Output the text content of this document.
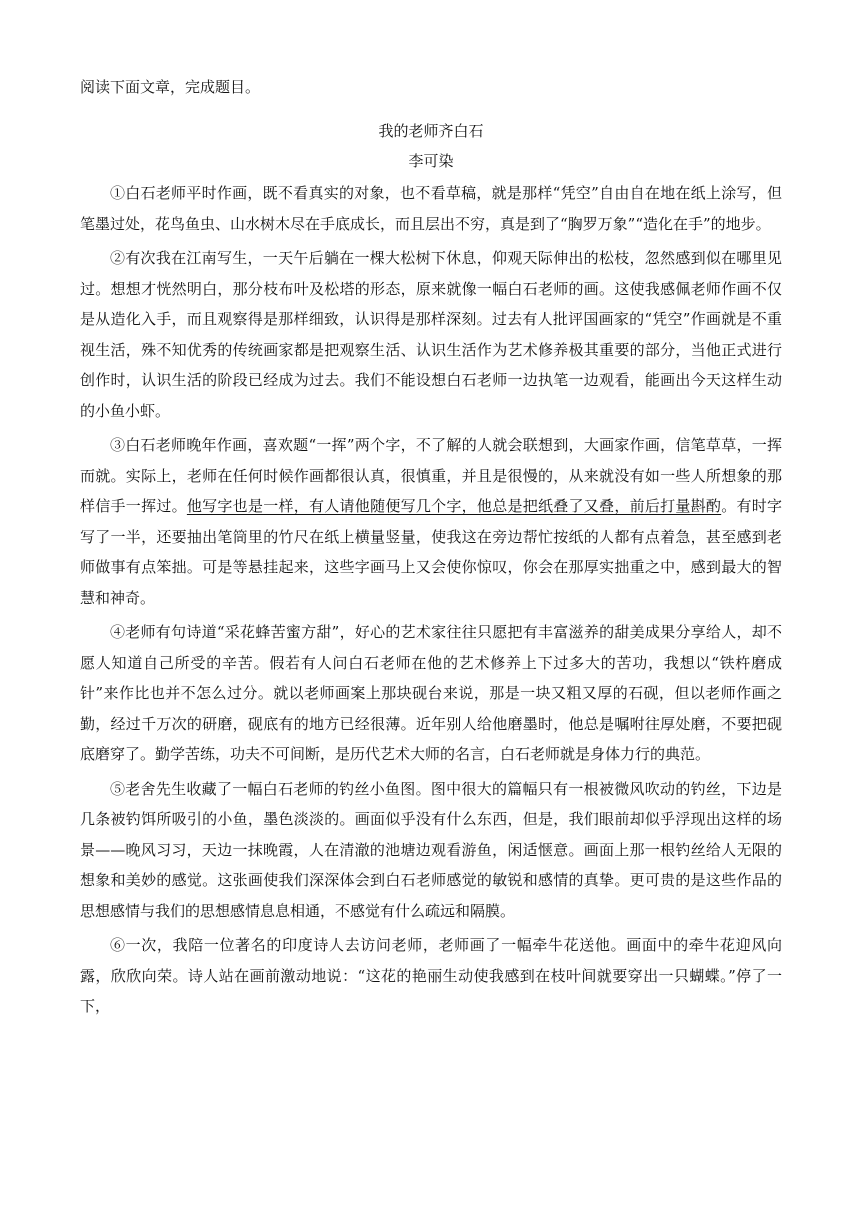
阅读下面文章，完成题目。

我的老师齐白石

李可染

①白石老师平时作画，既不看真实的对象，也不看草稿，就是那样“凭空”自由自在地在纸上涂写，但笔墨过处，花鸟鱼虫、山水树木尽在手底成长，而且层出不穷，真是到了“胸罗万象”“造化在手”的地步。

②有次我在江南写生，一天午后躺在一棵大松树下休息，仰观天际伸出的松枝，忽然感到似在哪里见过。想想才恍然明白，那分枝布叶及松塔的形态，原来就像一幅白石老师的画。这使我感佩老师作画不仅是从造化入手，而且观察得是那样细致，认识得是那样深刻。过去有人批评国画家的“凭空”作画就是不重视生活，殊不知优秀的传统画家都是把观察生活、认识生活作为艺术修养极其重要的部分，当他正式进行创作时，认识生活的阶段已经成为过去。我们不能设想白石老师一边执笔一边观看，能画出今天这样生动的小鱼小虾。

③白石老师晚年作画，喜欢题“一挥”两个字，不了解的人就会联想到，大画家作画，信笔草草，一挥而就。实际上，老师在任何时候作画都很认真，很慎重，并且是很慢的，从来就没有如一些人所想象的那样信手一挥过。他写字也是一样，有人请他随便写几个字，他总是把纸叠了又叠，前后打量斟酌。有时字写了一半，还要抽出笔筒里的竹尺在纸上横量竖量，使我这在旁边帮忙按纸的人都有点着急，甚至感到老师做事有点笨拙。可是等悬挂起来，这些字画马上又会使你惊叹，你会在那厚实拙重之中，感到最大的智慧和神奇。

④老师有句诗道“采花蜂苦蜜方甜”，好心的艺术家往往只愿把有丰富滋养的甜美成果分享给人，却不愿人知道自己所受的辛苦。假若有人问白石老师在他的艺术修养上下过多大的苦功，我想以“铁杵磨成针”来作比也并不怎么过分。就以老师画案上那块砚台来说，那是一块又粗又厚的石砚，但以老师作画之勤，经过千万次的研磨，砚底有的地方已经很薄。近年别人给他磨墨时，他总是嘱咐往厚处磨，不要把砚底磨穿了。勤学苦练，功夫不可间断，是历代艺术大师的名言，白石老师就是身体力行的典范。

⑤老舍先生收藏了一幅白石老师的钓丝小鱼图。图中很大的篇幅只有一根被微风吹动的钓丝，下边是几条被钓饵所吸引的小鱼，墨色淡淡的。画面似乎没有什么东西，但是，我们眼前却似乎浮现出这样的场景——晚风习习，天边一抹晚霞，人在清澈的池塘边观看游鱼，闲适惬意。画面上那一根钓丝给人无限的想象和美妙的感觉。这张画使我们深深体会到白石老师感觉的敏锐和感情的真挚。更可贵的是这些作品的思想感情与我们的思想感情息息相通，不感觉有什么疏远和隔膜。

⑥一次，我陪一位著名的印度诗人去访问老师，老师画了一幅牵牛花送他。画面中的牵牛花迎风向露，欣欣向荣。诗人站在画前激动地说：“这花的艳丽生动使我感到在枝叶间就要穿出一只蝴蝶。”停了一下，
